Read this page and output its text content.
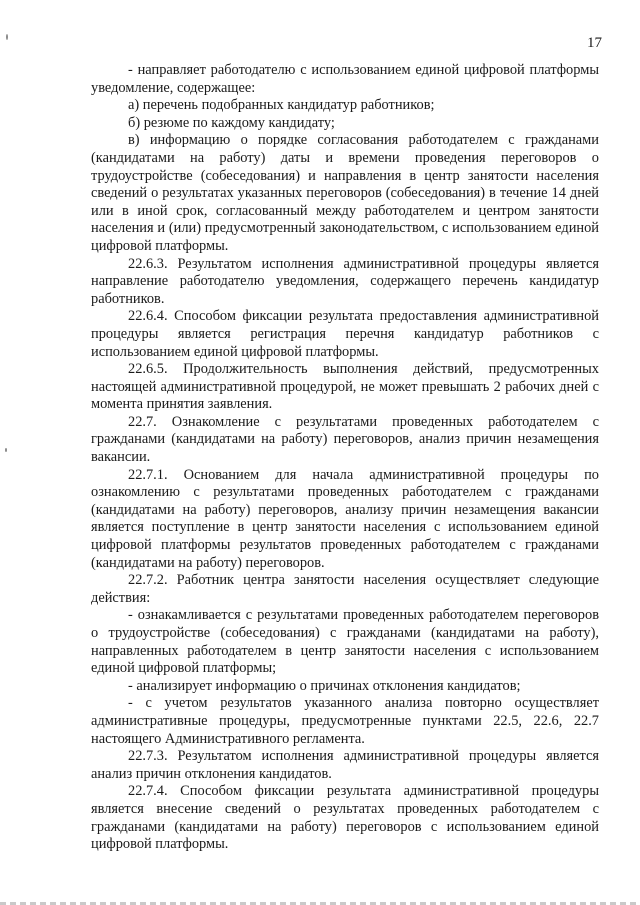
17

- направляет работодателю с использованием единой цифровой платформы уведомление, содержащее:

а) перечень подобранных кандидатур работников;

б) резюме по каждому кандидату;

в) информацию о порядке согласования работодателем с гражданами (кандидатами на работу) даты и времени проведения переговоров о трудоустройстве (собеседования) и направления в центр занятости населения сведений о результатах указанных переговоров (собеседования) в течение 14 дней или в иной срок, согласованный между работодателем и центром занятости населения и (или) предусмотренный законодательством, с использованием единой цифровой платформы.

22.6.3. Результатом исполнения административной процедуры является направление работодателю уведомления, содержащего перечень кандидатур работников.

22.6.4. Способом фиксации результата предоставления административной процедуры является регистрация перечня кандидатур работников с использованием единой цифровой платформы.

22.6.5. Продолжительность выполнения действий, предусмотренных настоящей административной процедурой, не может превышать 2 рабочих дней с момента принятия заявления.

22.7. Ознакомление с результатами проведенных работодателем с гражданами (кандидатами на работу) переговоров, анализ причин незамещения вакансии.

22.7.1. Основанием для начала административной процедуры по ознакомлению с результатами проведенных работодателем с гражданами (кандидатами на работу) переговоров, анализу причин незамещения вакансии является поступление в центр занятости населения с использованием единой цифровой платформы результатов проведенных работодателем с гражданами (кандидатами на работу) переговоров.

22.7.2. Работник центра занятости населения осуществляет следующие действия:

- ознакамливается с результатами проведенных работодателем переговоров о трудоустройстве (собеседования) с гражданами (кандидатами на работу), направленных работодателем в центр занятости населения с использованием единой цифровой платформы;

- анализирует информацию о причинах отклонения кандидатов;

- с учетом результатов указанного анализа повторно осуществляет административные процедуры, предусмотренные пунктами 22.5, 22.6, 22.7 настоящего Административного регламента.

22.7.3. Результатом исполнения административной процедуры является анализ причин отклонения кандидатов.

22.7.4. Способом фиксации результата административной процедуры является внесение сведений о результатах проведенных работодателем с гражданами (кандидатами на работу) переговоров с использованием единой цифровой платформы.
